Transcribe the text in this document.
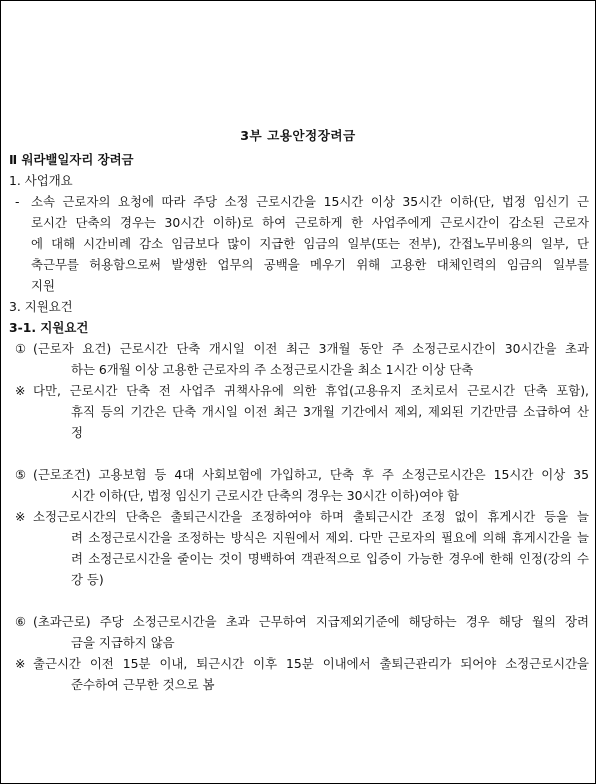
3부 고용안정장려금
Ⅱ 워라밸일자리 장려금
1. 사업개요
- 소속 근로자의 요청에 따라 주당 소정 근로시간을 15시간 이상 35시간 이하(단, 법정 임신기 근
로시간 단축의 경우는 30시간 이하)로 하여 근로하게 한 사업주에게 근로시간이 감소된 근로자
에 대해 시간비례 감소 임금보다 많이 지급한 임금의 일부(또는 전부), 간접노무비용의 일부, 단
축근무를 허용함으로써 발생한 업무의 공백을 메우기 위해 고용한 대체인력의 임금의 일부를
지원
3. 지원요건
3-1. 지원요건
① (근로자 요건) 근로시간 단축 개시일 이전 최근 3개월 동안 주 소정근로시간이 30시간을 초과
하는 6개월 이상 고용한 근로자의 주 소정근로시간을 최소 1시간 이상 단축
※ 다만, 근로시간 단축 전 사업주 귀책사유에 의한 휴업(고용유지 조치로서 근로시간 단축 포함),
휴직 등의 기간은 단축 개시일 이전 최근 3개월 기간에서 제외, 제외된 기간만큼 소급하여 산
정
⑤ (근로조건) 고용보험 등 4대 사회보험에 가입하고, 단축 후 주 소정근로시간은 15시간 이상 35
시간 이하(단, 법정 임신기 근로시간 단축의 경우는 30시간 이하)여야 함
※ 소정근로시간의 단축은 출퇴근시간을 조정하여야 하며 출퇴근시간 조정 없이 휴게시간 등을 늘
려 소정근로시간을 조정하는 방식은 지원에서 제외. 다만 근로자의 필요에 의해 휴게시간을 늘
려 소정근로시간을 줄이는 것이 명백하여 객관적으로 입증이 가능한 경우에 한해 인정(강의 수
강 등)
⑥ (초과근로) 주당 소정근로시간을 초과 근무하여 지급제외기준에 해당하는 경우 해당 월의 장려
금을 지급하지 않음
※ 출근시간 이전 15분 이내, 퇴근시간 이후 15분 이내에서 출퇴근관리가 되어야 소정근로시간을
준수하여 근무한 것으로 봄
